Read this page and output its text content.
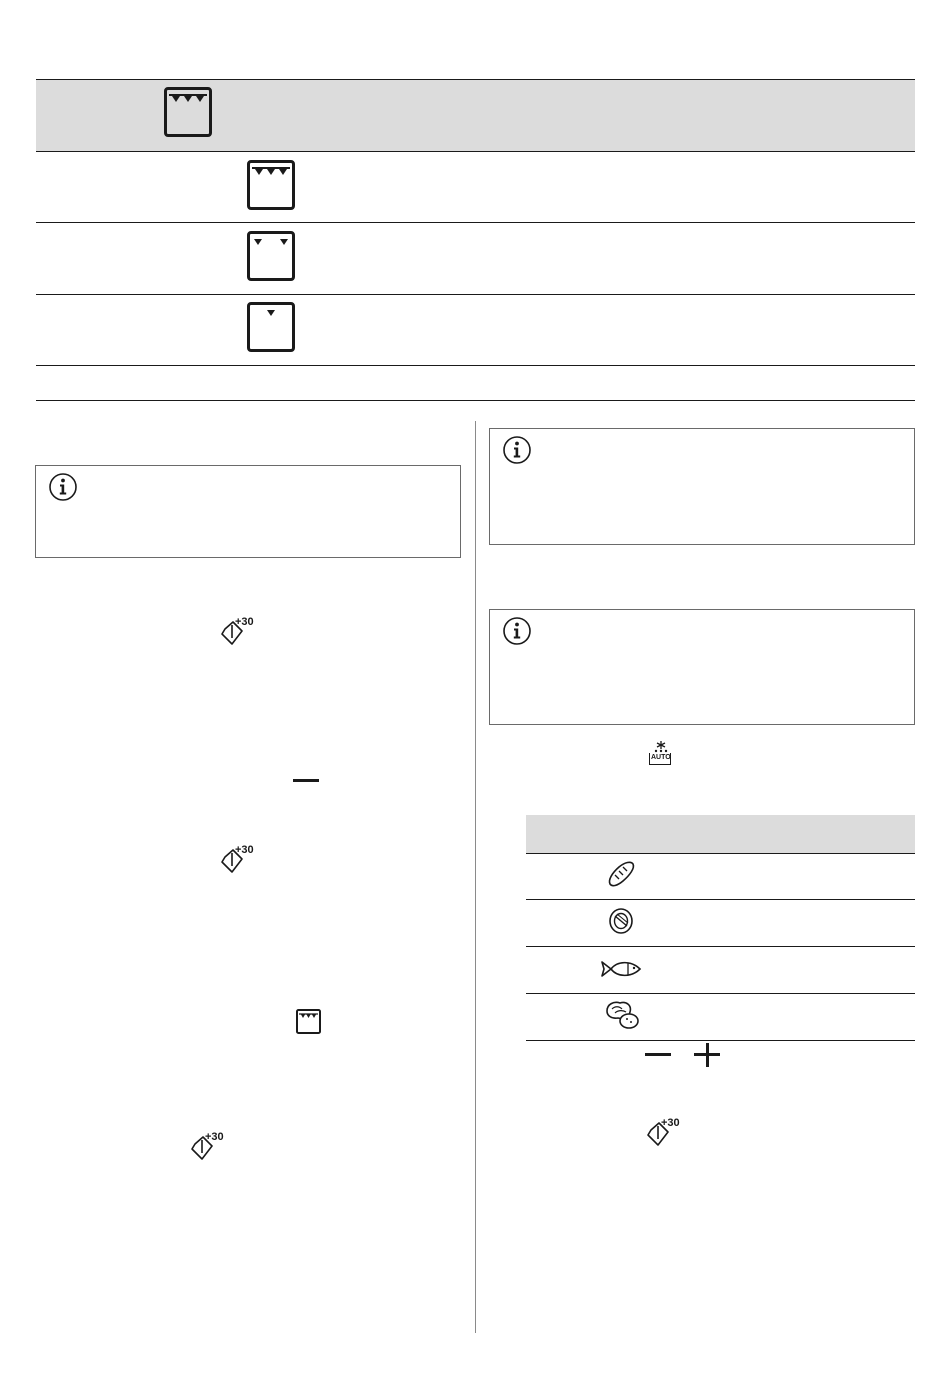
+30
+30
+30
AUTO
+30
